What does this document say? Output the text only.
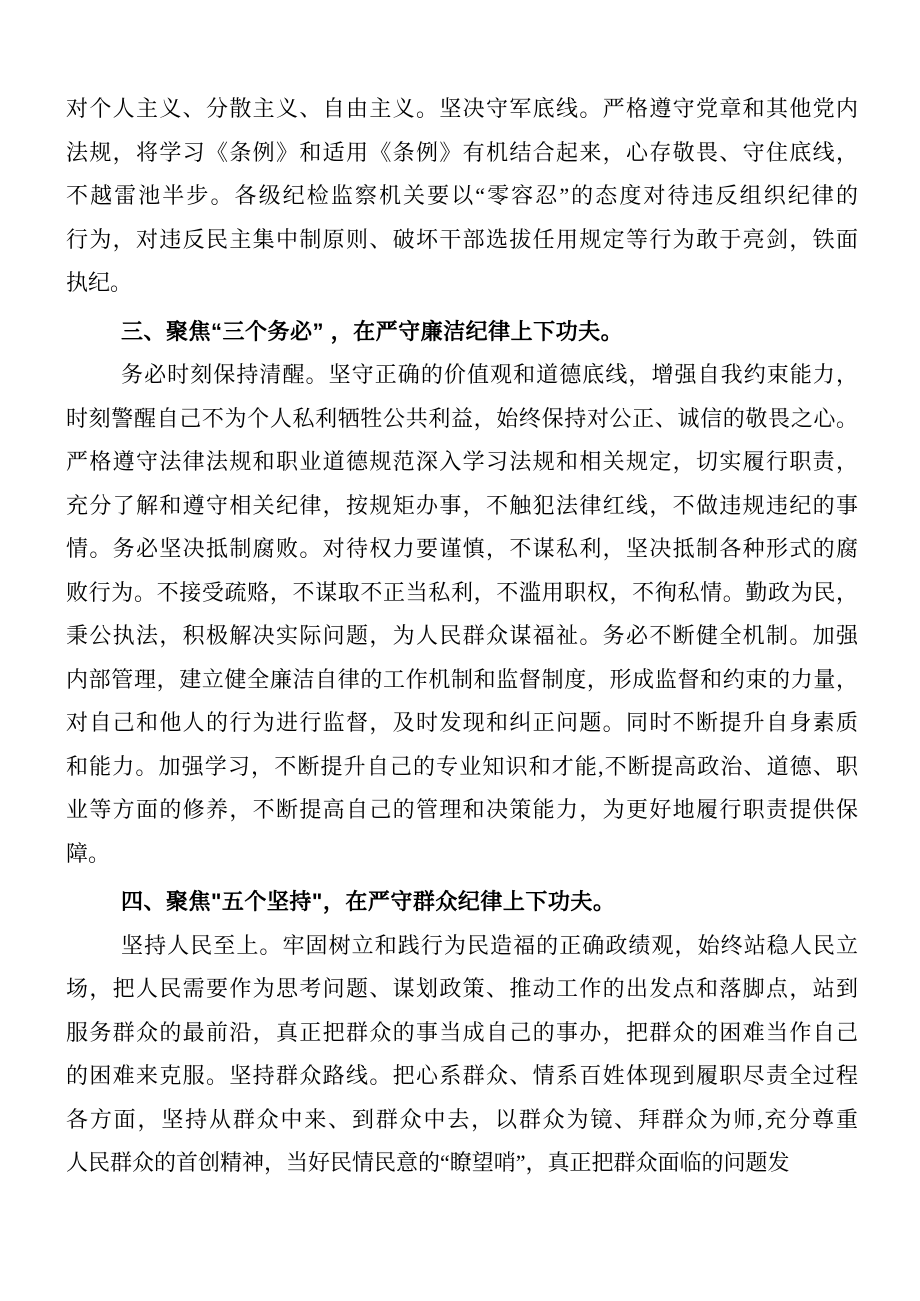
对个人主义、分散主义、自由主义。坚决守军底线。严格遵守党章和其他党内
法规，将学习《条例》和适用《条例》有机结合起来，心存敬畏、守住底线，
不越雷池半步。各级纪检监察机关要以“零容忍”的态度对待违反组织纪律的
行为，对违反民主集中制原则、破坏干部选拔任用规定等行为敢于亮剑，铁面
执纪。
三、聚焦“三个务必” ，在严守廉洁纪律上下功夫。
务必时刻保持清醒。坚守正确的价值观和道德底线，增强自我约束能力，
时刻警醒自己不为个人私利牺牲公共利益，始终保持对公正、诚信的敬畏之心。
严格遵守法律法规和职业道德规范深入学习法规和相关规定，切实履行职责，
充分了解和遵守相关纪律，按规矩办事，不触犯法律红线，不做违规违纪的事
情。务必坚决抵制腐败。对待权力要谨慎，不谋私利，坚决抵制各种形式的腐
败行为。不接受疏赂，不谋取不正当私利，不滥用职权，不徇私情。勤政为民，
秉公执法，积极解决实际问题，为人民群众谋福祉。务必不断健全机制。加强
内部管理，建立健全廉洁自律的工作机制和监督制度，形成监督和约束的力量，
对自己和他人的行为进行监督，及时发现和纠正问题。同时不断提升自身素质
和能力。加强学习，不断提升自己的专业知识和才能,不断提高政治、道德、职
业等方面的修养，不断提高自己的管理和决策能力，为更好地履行职责提供保
障。
四、聚焦"五个坚持"，在严守群众纪律上下功夫。
坚持人民至上。牢固树立和践行为民造福的正确政绩观，始终站稳人民立
场，把人民需要作为思考问题、谋划政策、推动工作的出发点和落脚点，站到
服务群众的最前沿，真正把群众的事当成自己的事办，把群众的困难当作自己
的困难来克服。坚持群众路线。把心系群众、情系百姓体现到履职尽责全过程
各方面，坚持从群众中来、到群众中去，以群众为镜、拜群众为师,充分尊重
人民群众的首创精神，当好民情民意的“瞭望哨”，真正把群众面临的问题发
